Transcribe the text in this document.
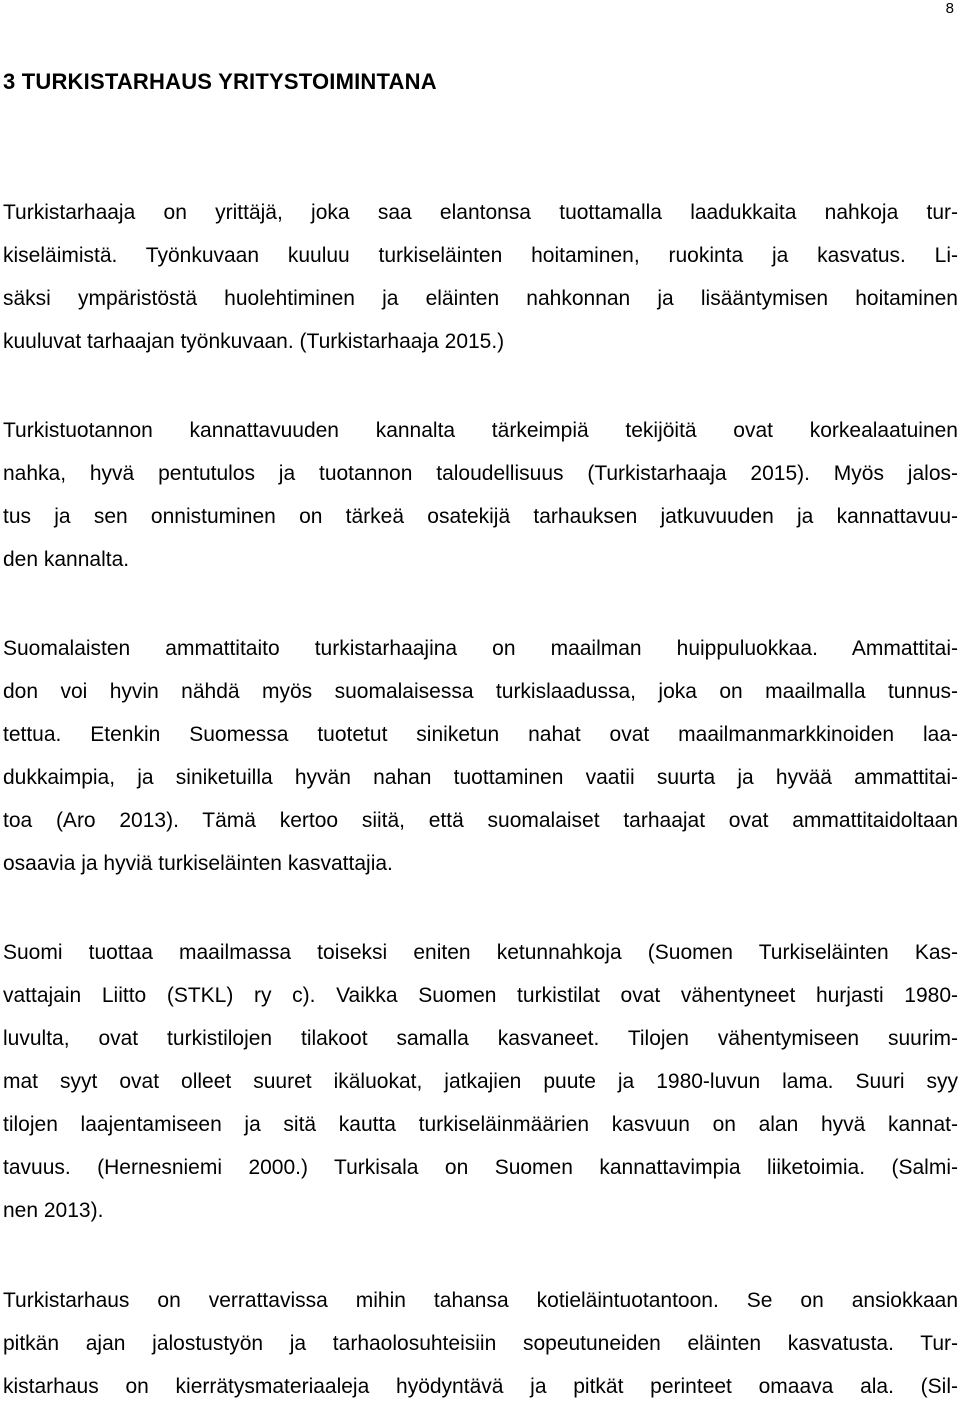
8
3 TURKISTARHAUS YRITYSTOIMINTANA
Turkistarhaaja on yrittäjä, joka saa elantonsa tuottamalla laadukkaita nahkoja tur-
kiseläimistä. Työnkuvaan kuuluu turkiseläinten hoitaminen, ruokinta ja kasvatus. Li-
säksi ympäristöstä huolehtiminen ja eläinten nahkonnan ja lisääntymisen hoitaminen
kuuluvat tarhaajan työnkuvaan. (Turkistarhaaja 2015.)
Turkistuotannon kannattavuuden kannalta tärkeimpiä tekijöitä ovat korkealaatuinen
nahka, hyvä pentutulos ja tuotannon taloudellisuus (Turkistarhaaja 2015). Myös jalos-
tus ja sen onnistuminen on tärkeä osatekijä tarhauksen jatkuvuuden ja kannattavuu-
den kannalta.
Suomalaisten ammattitaito turkistarhaajina on maailman huippuluokkaa. Ammattitai-
don voi hyvin nähdä myös suomalaisessa turkislaadussa, joka on maailmalla tunnus-
tettua. Etenkin Suomessa tuotetut siniketun nahat ovat maailmanmarkkinoiden laa-
dukkaimpia, ja siniketuilla hyvän nahan tuottaminen vaatii suurta ja hyvää ammattitai-
toa (Aro 2013). Tämä kertoo siitä, että suomalaiset tarhaajat ovat ammattitaidoltaan
osaavia ja hyviä turkiseläinten kasvattajia.
Suomi tuottaa maailmassa toiseksi eniten ketunnahkoja (Suomen Turkiseläinten Kas-
vattajain Liitto (STKL) ry c). Vaikka Suomen turkistilat ovat vähentyneet hurjasti 1980-
luvulta, ovat turkistilojen tilakoot samalla kasvaneet. Tilojen vähentymiseen suurim-
mat syyt ovat olleet suuret ikäluokat, jatkajien puute ja 1980-luvun lama. Suuri syy
tilojen laajentamiseen ja sitä kautta turkiseläinmäärien kasvuun on alan hyvä kannat-
tavuus. (Hernesniemi 2000.) Turkisala on Suomen kannattavimpia liiketoimia. (Salmi-
nen 2013).
Turkistarhaus on verrattavissa mihin tahansa kotieläintuotantoon. Se on ansiokkaan
pitkän ajan jalostustyön ja tarhaolosuhteisiin sopeutuneiden eläinten kasvatusta. Tur-
kistarhaus on kierrätysmateriaaleja hyödyntävä ja pitkät perinteet omaava ala. (Sil-
